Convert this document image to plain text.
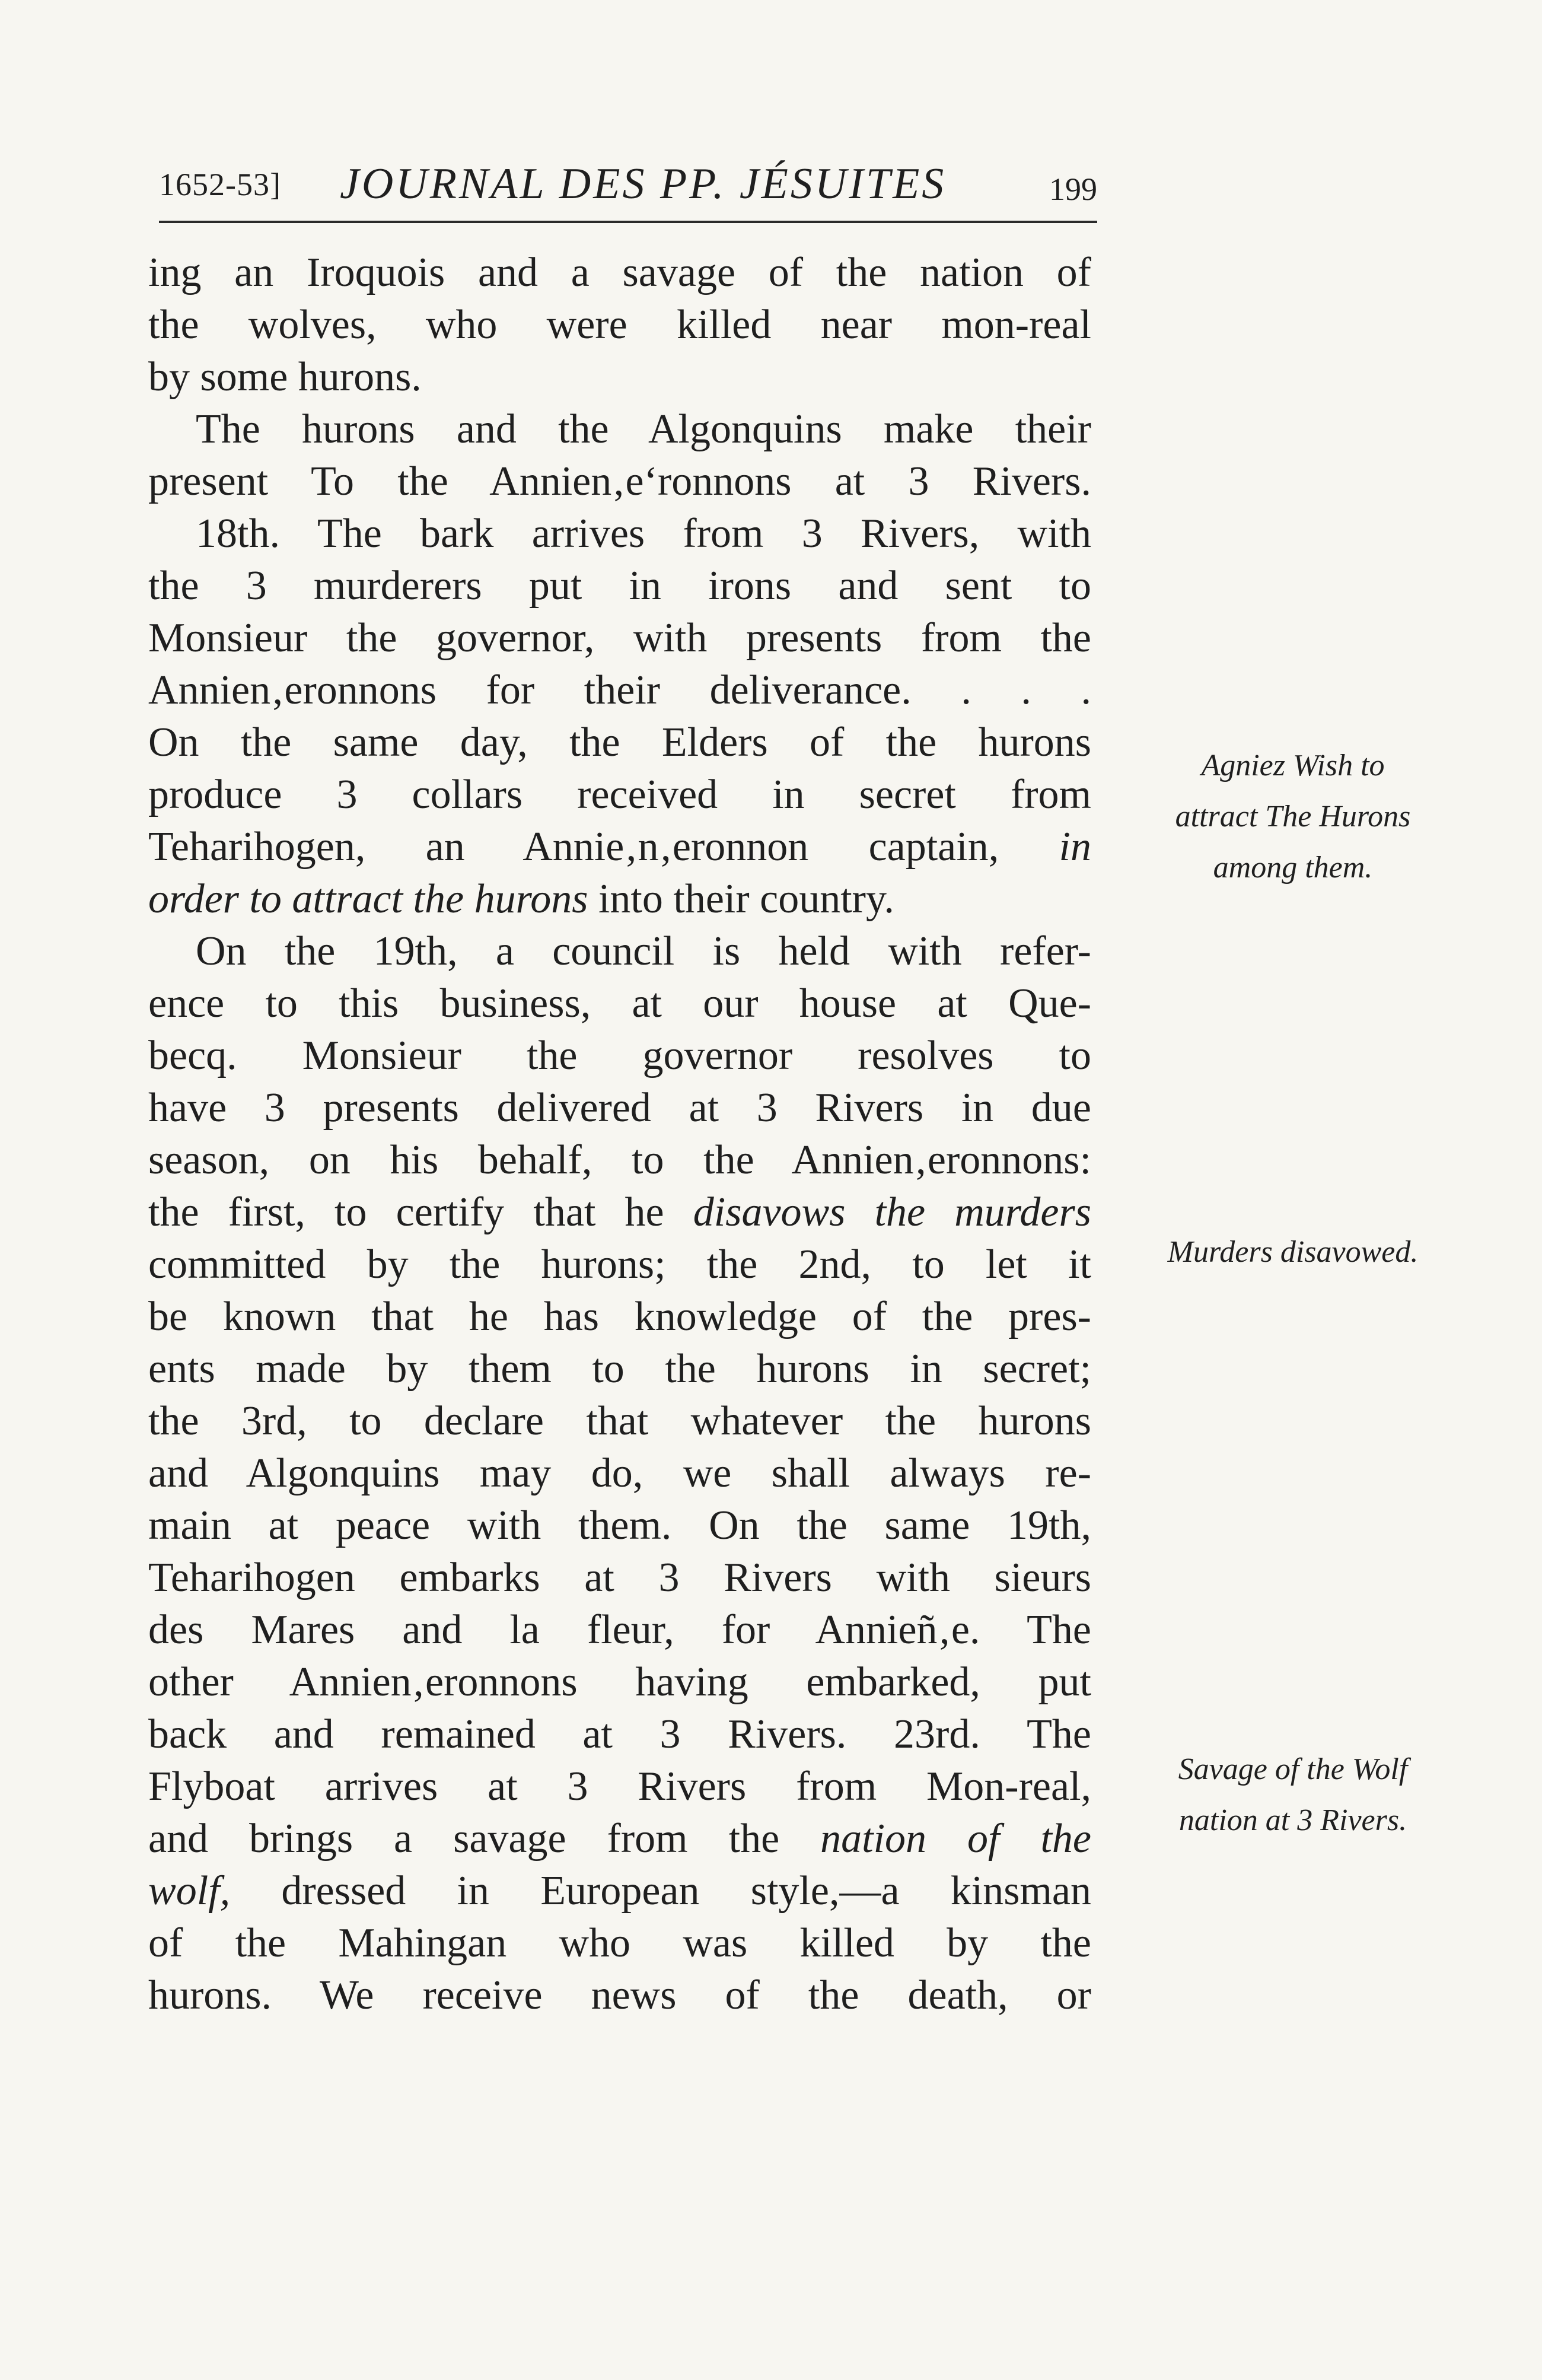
1652-53] JOURNAL DES PP. JÉSUITES	199
ing an Iroquois and a savage of the nation of
the wolves, who were killed near mon-real
by some hurons.
The hurons and the Algonquins make their
present To the Annien‚e‘ronnons at 3 Rivers.
18th. The bark arrives from 3 Rivers, with
the 3 murderers put in irons and sent to
Monsieur the governor, with presents from the
Annien‚eronnons for their deliverance. . . .
On the same day, the Elders of the hurons
produce 3 collars received in secret from
Teharihogen, an Annie‚n‚eronnon captain, in
order to attract the hurons into their country.
On the 19th, a council is held with refer-
ence to this business, at our house at Que-
becq. Monsieur the governor resolves to
have 3 presents delivered at 3 Rivers in due
season, on his behalf, to the Annien‚eronnons:
the first, to certify that he disavows the murders
committed by the hurons; the 2nd, to let it
be known that he has knowledge of the pres-
ents made by them to the hurons in secret;
the 3rd, to declare that whatever the hurons
and Algonquins may do, we shall always re-
main at peace with them. On the same 19th,
Teharihogen embarks at 3 Rivers with sieurs
des Mares and la fleur, for Annieñ‚e. The
other Annien‚eronnons having embarked, put
back and remained at 3 Rivers. 23rd. The
Flyboat arrives at 3 Rivers from Mon-real,
and brings a savage from the nation of the
wolf, dressed in European style,—a kinsman
of the Mahingan who was killed by the
hurons. We receive news of the death, or
Agniez Wish to
attract The Hurons
among them.
Murders disavowed.
Savage of the Wolf
nation at 3 Rivers.
